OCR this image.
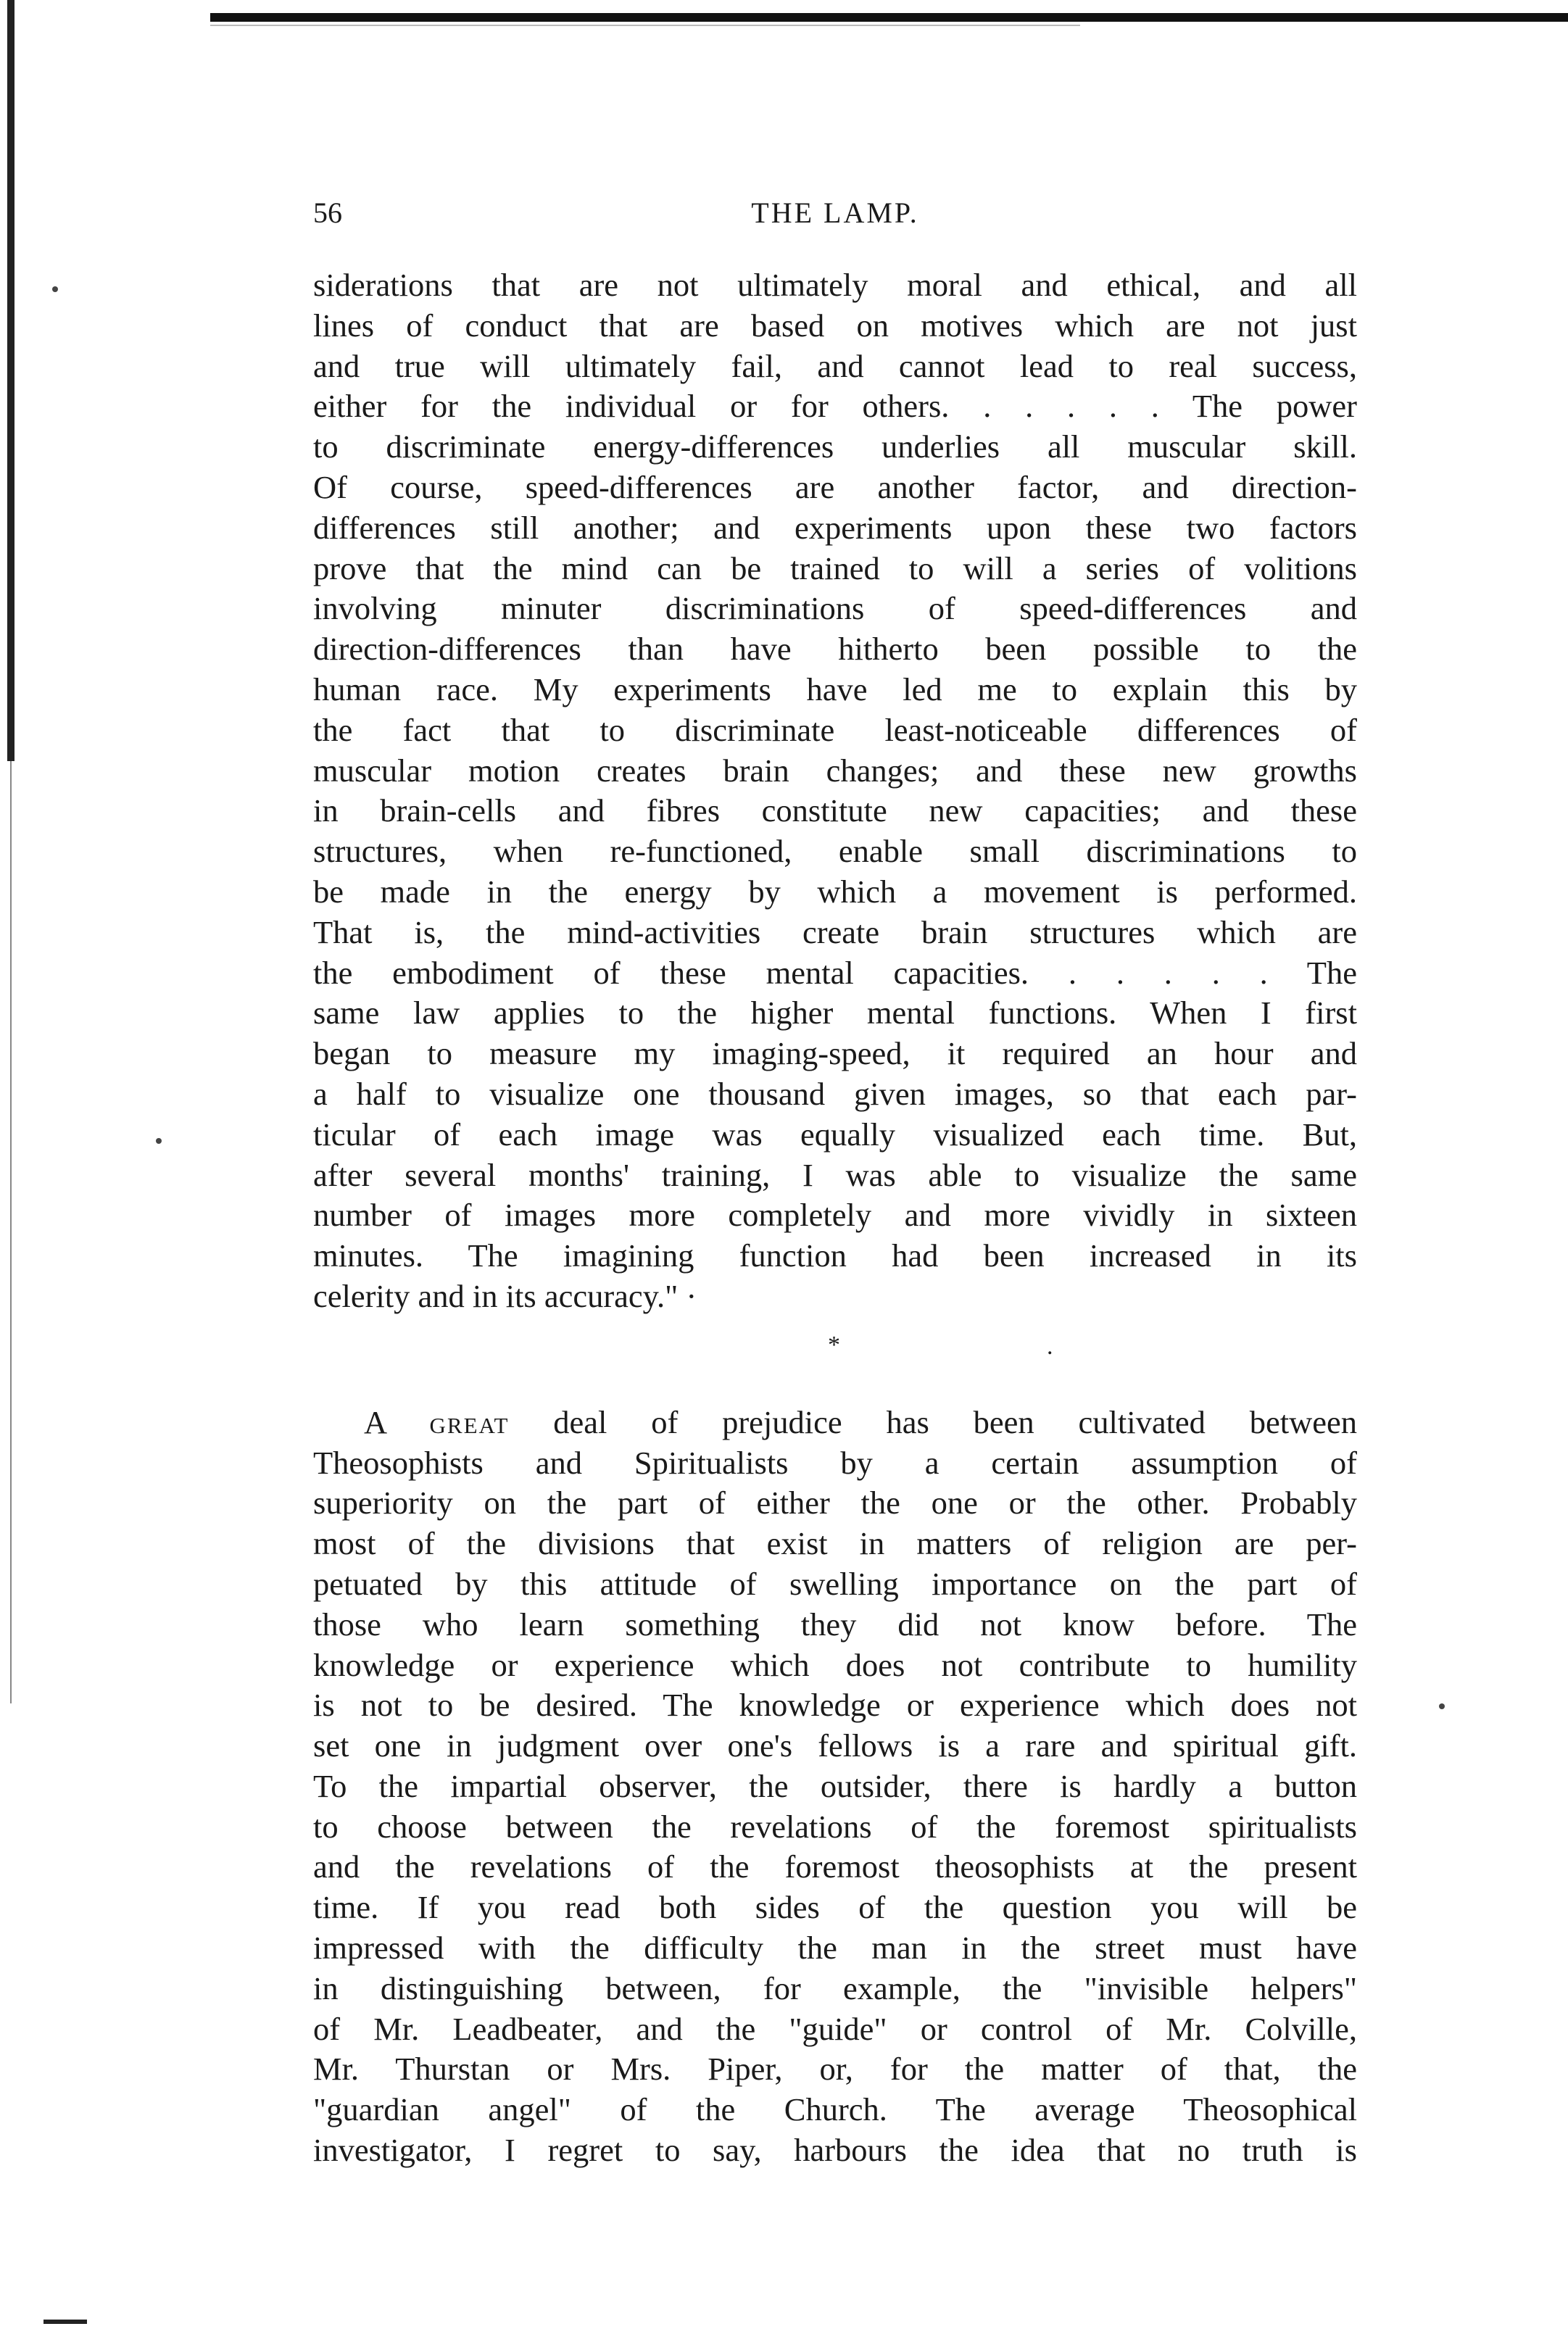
56	THE LAMP.

siderations that are not ultimately moral and ethical, and all
lines of conduct that are based on motives which are not just
and true will ultimately fail, and cannot lead to real success,
either for the individual or for others. . . . . . The power
to discriminate energy-differences underlies all muscular skill.
Of course, speed-differences are another factor, and direction-
differences still another; and experiments upon these two factors
prove that the mind can be trained to will a series of volitions
involving minuter discriminations of speed-differences and
direction-differences than have hitherto been possible to the
human race. My experiments have led me to explain this by
the fact that to discriminate least-noticeable differences of
muscular motion creates brain changes; and these new growths
in brain-cells and fibres constitute new capacities; and these
structures, when re-functioned, enable small discriminations to
be made in the energy by which a movement is performed.
That is, the mind-activities create brain structures which are
the embodiment of these mental capacities. . . . . . The
same law applies to the higher mental functions. When I first
began to measure my imaging-speed, it required an hour and
a half to visualize one thousand given images, so that each par-
ticular of each image was equally visualized each time. But,
after several months' training, I was able to visualize the same
number of images more completely and more vividly in sixteen
minutes. The imagining function had been increased in its
celerity and in its accuracy." ·

*	.

A great deal of prejudice has been cultivated between
Theosophists and Spiritualists by a certain assumption of
superiority on the part of either the one or the other. Probably
most of the divisions that exist in matters of religion are per-
petuated by this attitude of swelling importance on the part of
those who learn something they did not know before. The
knowledge or experience which does not contribute to humility
is not to be desired. The knowledge or experience which does not
set one in judgment over one's fellows is a rare and spiritual gift.
To the impartial observer, the outsider, there is hardly a button
to choose between the revelations of the foremost spiritualists
and the revelations of the foremost theosophists at the present
time. If you read both sides of the question you will be
impressed with the difficulty the man in the street must have
in distinguishing between, for example, the "invisible helpers"
of Mr. Leadbeater, and the "guide" or control of Mr. Colville,
Mr. Thurstan or Mrs. Piper, or, for the matter of that, the
"guardian angel" of the Church. The average Theosophical
investigator, I regret to say, harbours the idea that no truth is
